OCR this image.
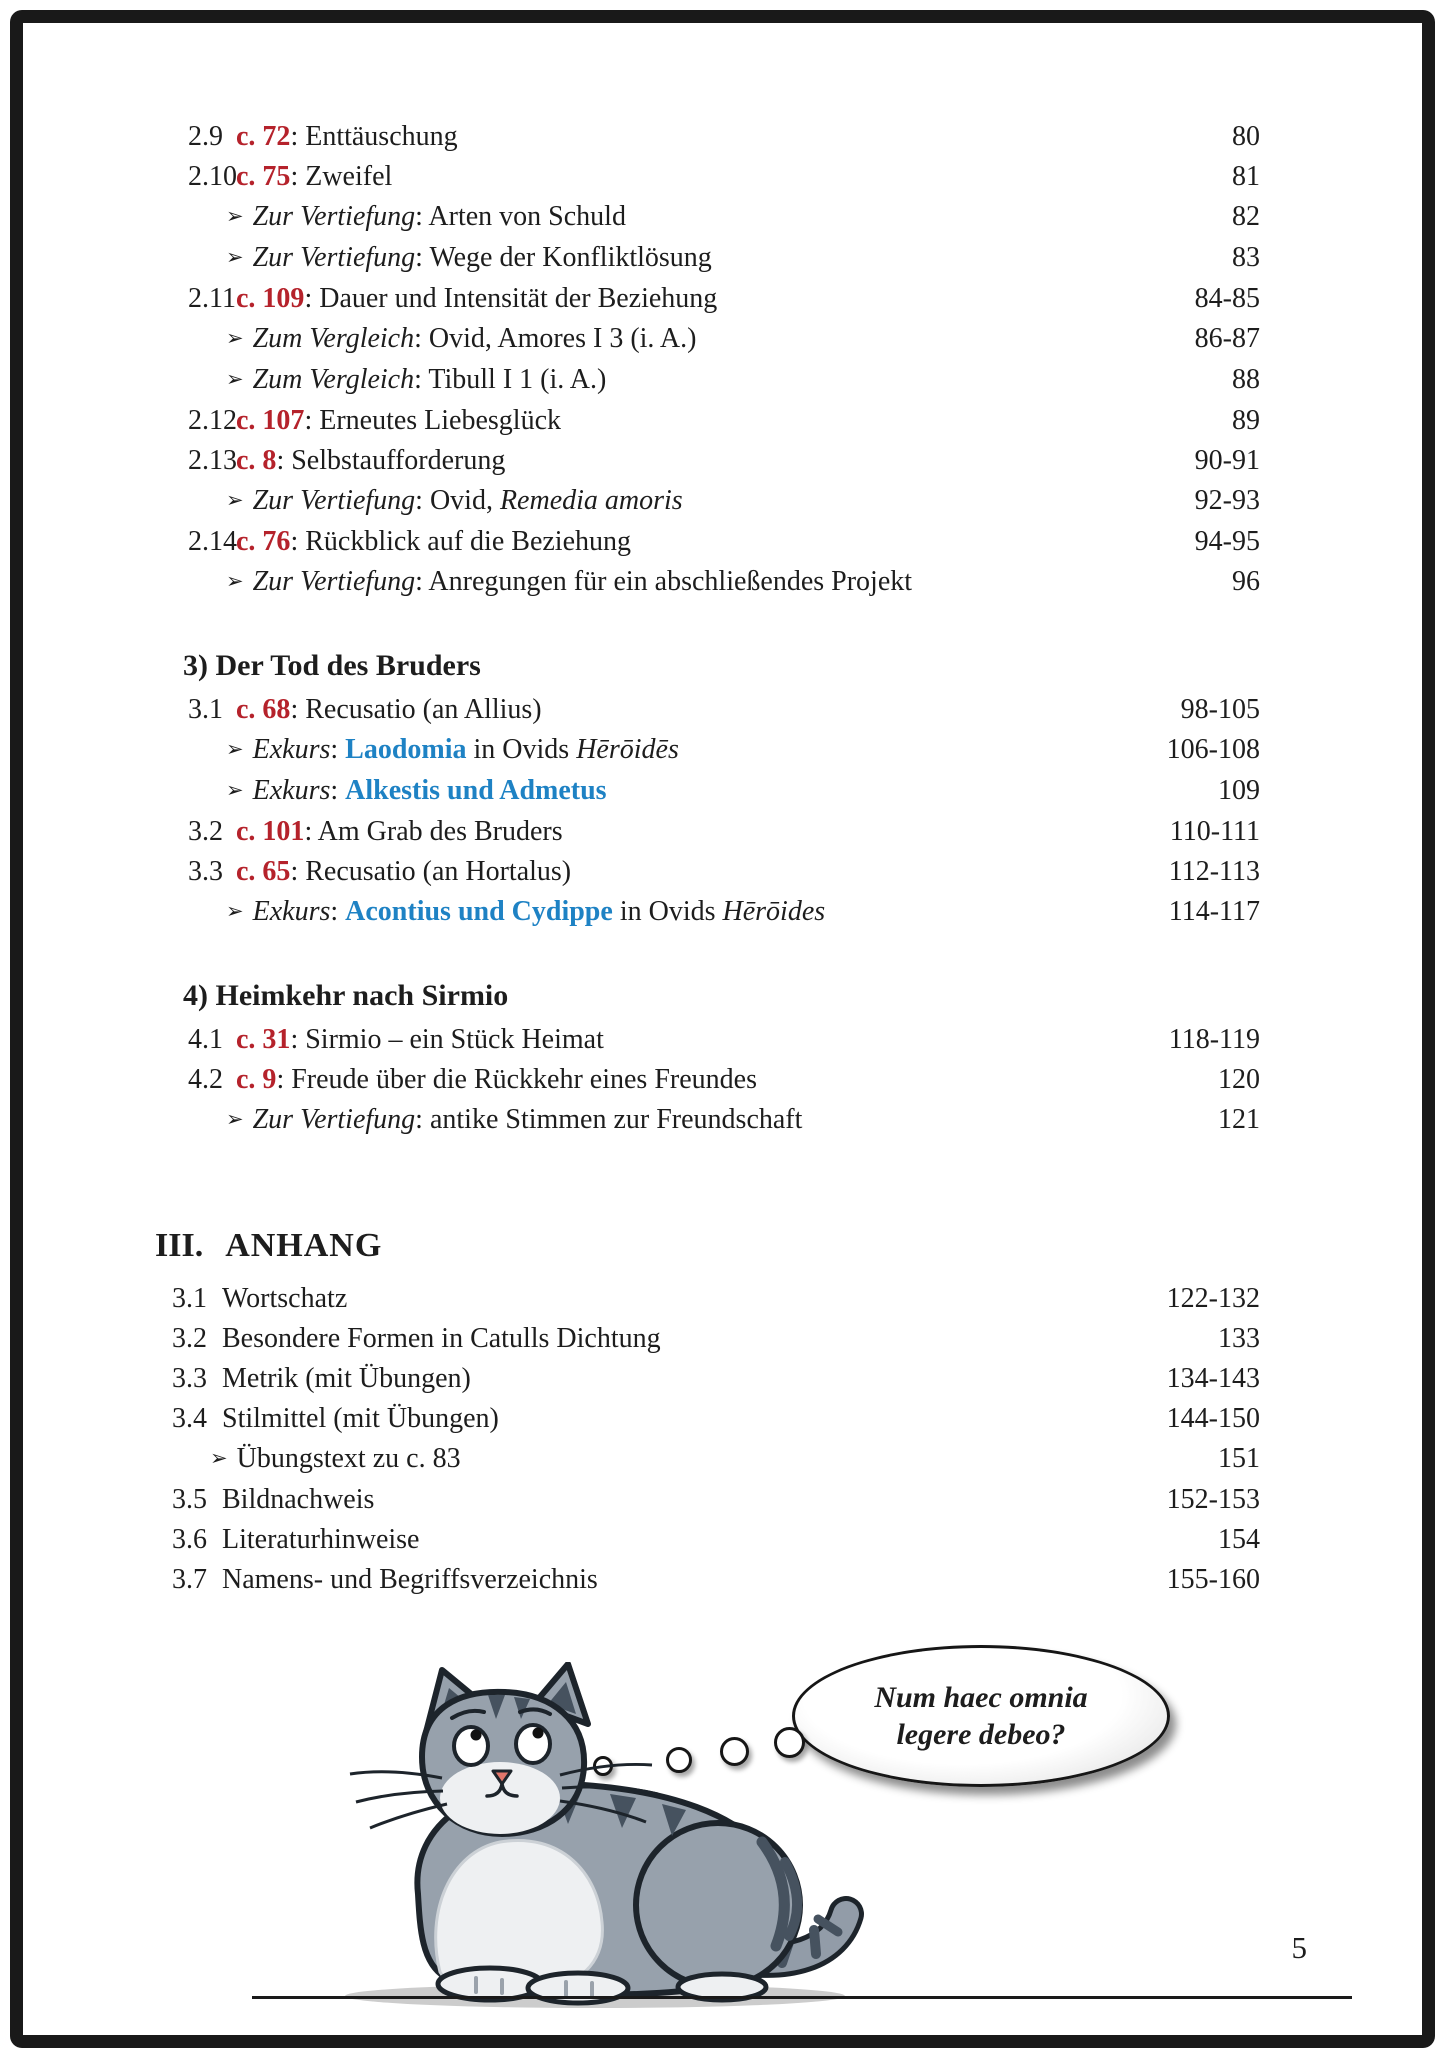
2.9 c. 72: Enttäuschung	80
2.10c. 75: Zweifel	81
➢ Zur Vertiefung: Arten von Schuld	82
➢ Zur Vertiefung: Wege der Konfliktlösung	83
2.11c. 109: Dauer und Intensität der Beziehung	84-85
➢ Zum Vergleich: Ovid, Amores I 3 (i. A.)	86-87
➢ Zum Vergleich: Tibull I 1 (i. A.)	88
2.12c. 107: Erneutes Liebesglück	89
2.13c. 8: Selbstaufforderung	90-91
➢ Zur Vertiefung: Ovid, Remedia amoris	92-93
2.14c. 76: Rückblick auf die Beziehung	94-95
➢ Zur Vertiefung: Anregungen für ein abschließendes Projekt	96
3) Der Tod des Bruders
3.1 c. 68: Recusatio (an Allius)	98-105
➢ Exkurs: Laodomia in Ovids Hērōidēs	106-108
➢ Exkurs: Alkestis und Admetus	109
3.2 c. 101: Am Grab des Bruders	110-111
3.3 c. 65: Recusatio (an Hortalus)	112-113
➢ Exkurs: Acontius und Cydippe in Ovids Hērōides	114-117
4) Heimkehr nach Sirmio
4.1 c. 31: Sirmio – ein Stück Heimat	118-119
4.2 c. 9: Freude über die Rückkehr eines Freundes	120
➢ Zur Vertiefung: antike Stimmen zur Freundschaft	121
III. ANHANG
3.1 Wortschatz	122-132
3.2 Besondere Formen in Catulls Dichtung	133
3.3 Metrik (mit Übungen)	134-143
3.4 Stilmittel (mit Übungen)	144-150
➢ Übungstext zu c. 83	151
3.5 Bildnachweis	152-153
3.6 Literaturhinweise	154
3.7 Namens- und Begriffsverzeichnis	155-160
Num haec omnia
legere debeo?
5
